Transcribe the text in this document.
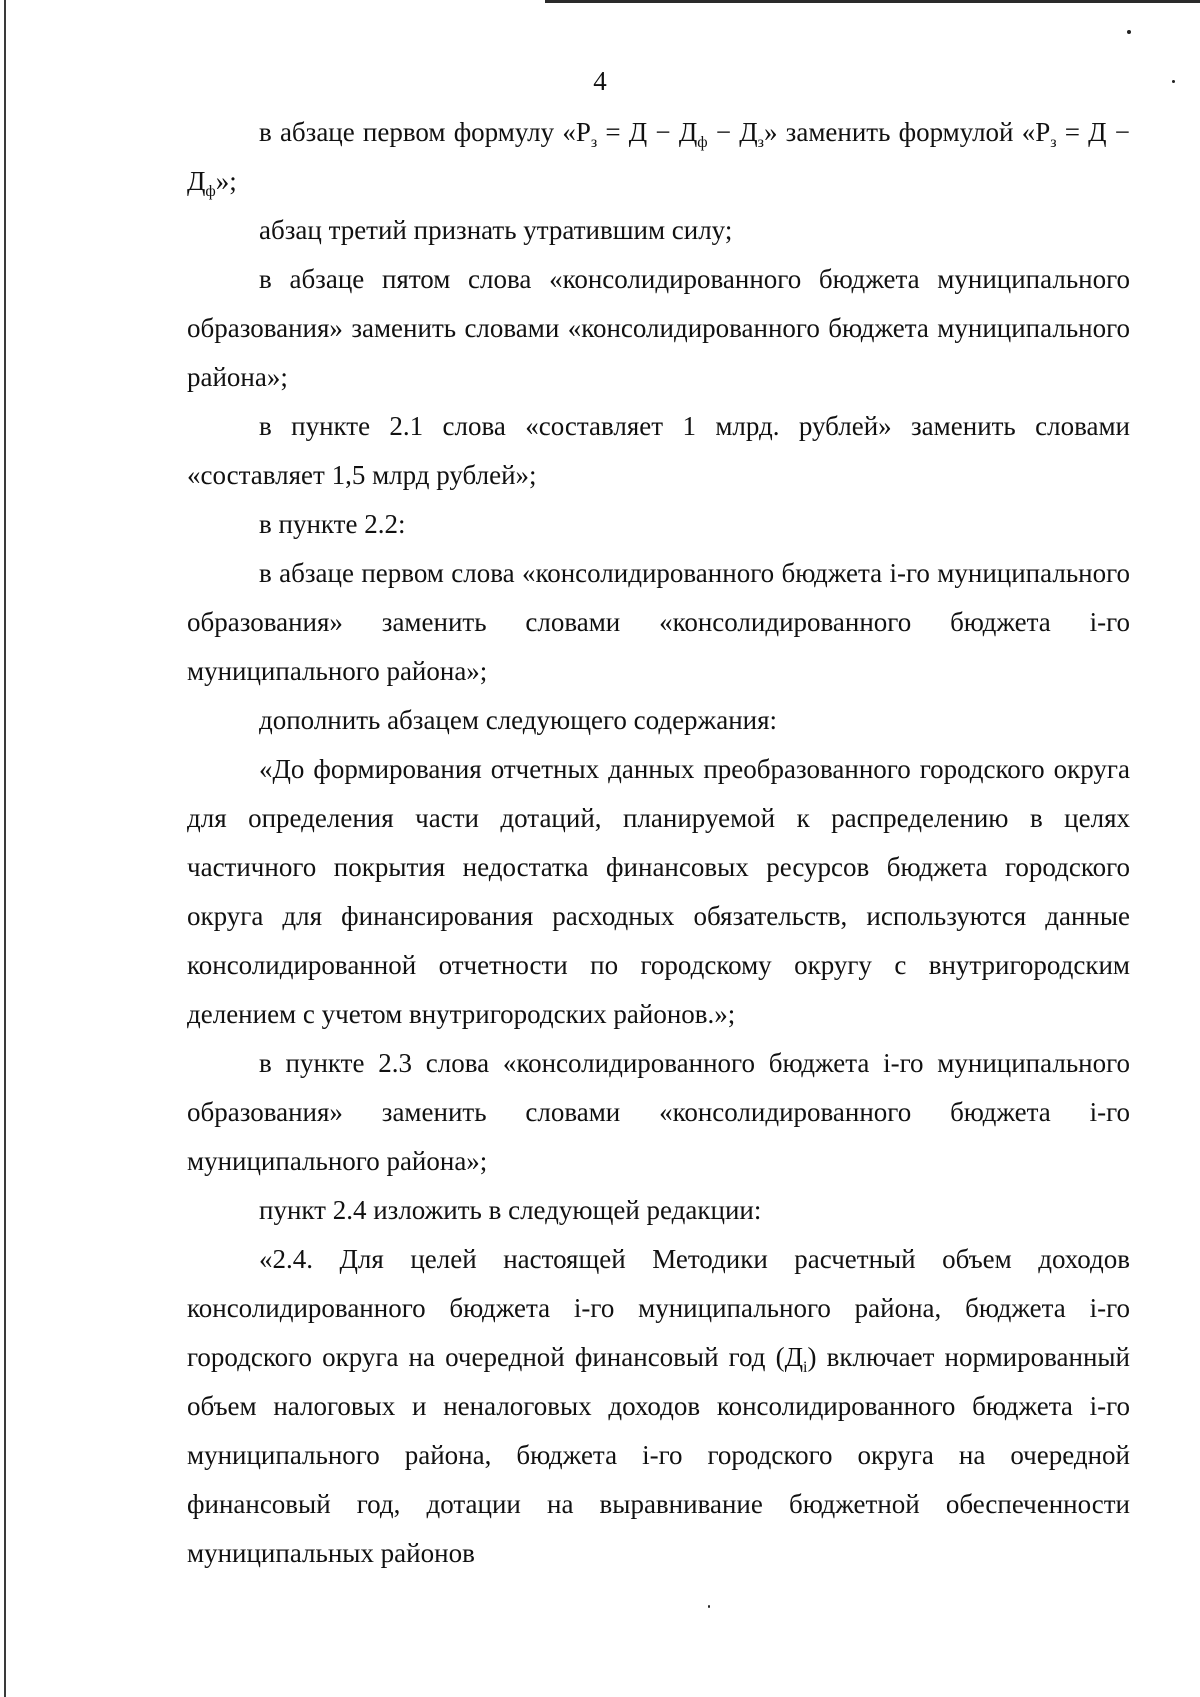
4

в абзаце первом формулу «$Р_з = Д - Д_ф - Д_з$» заменить формулой «$Р_з = Д - Д_ф$»;

абзац третий признать утратившим силу;

в абзаце пятом слова «консолидированного бюджета муниципального образования» заменить словами «консолидированного бюджета муниципального района»;

в пункте 2.1 слова «составляет 1 млрд. рублей» заменить словами «составляет 1,5 млрд рублей»;

в пункте 2.2:

в абзаце первом слова «консолидированного бюджета i-го муниципального образования» заменить словами «консолидированного бюджета i-го муниципального района»;

дополнить абзацем следующего содержания:

«До формирования отчетных данных преобразованного городского округа для определения части дотаций, планируемой к распределению в целях частичного покрытия недостатка финансовых ресурсов бюджета городского округа для финансирования расходных обязательств, используются данные консолидированной отчетности по городскому округу с внутригородским делением с учетом внутригородских районов.»;

в пункте 2.3 слова «консолидированного бюджета i-го муниципального образования» заменить словами «консолидированного бюджета i-го муниципального района»;

пункт 2.4 изложить в следующей редакции:

«2.4. Для целей настоящей Методики расчетный объем доходов консолидированного бюджета i-го муниципального района, бюджета i-го городского округа на очередной финансовый год $(Д_i)$ включает нормированный объем налоговых и неналоговых доходов консолидированного бюджета i-го муниципального района, бюджета i-го городского округа на очередной финансовый год, дотации на выравнивание бюджетной обеспеченности муниципальных районов
